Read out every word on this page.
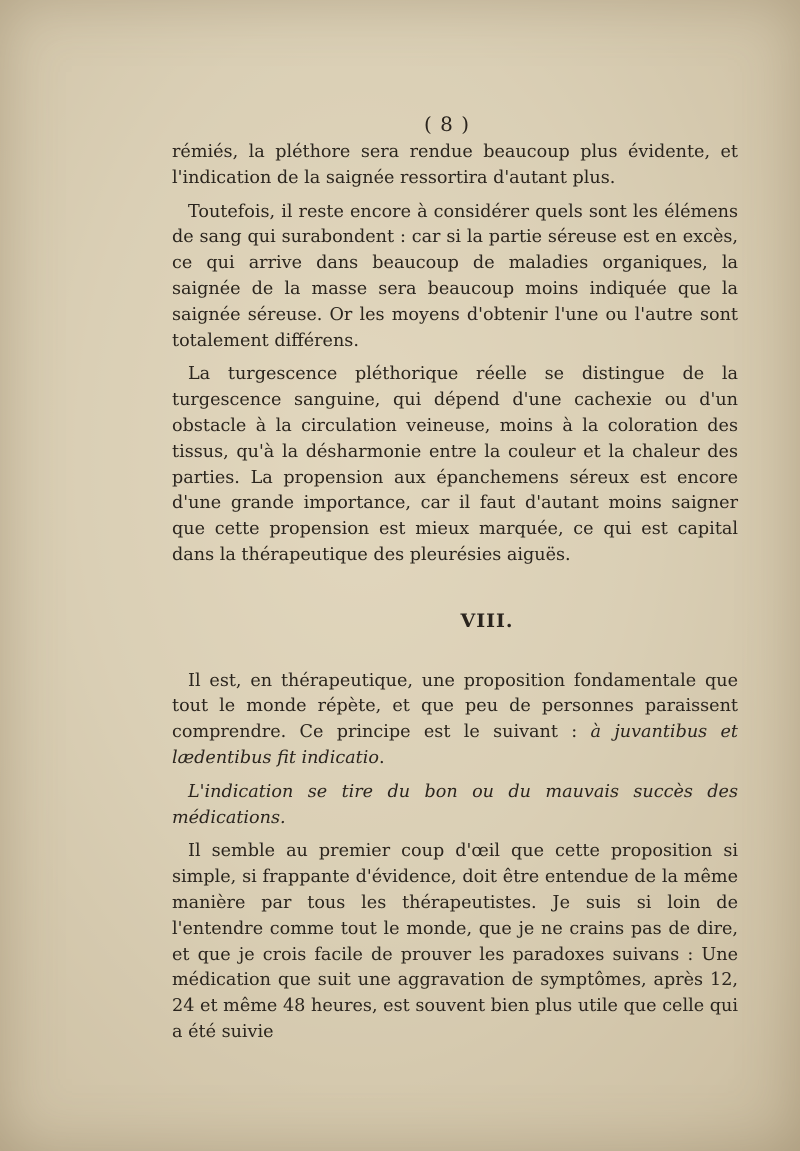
( 8 )

rémiés, la pléthore sera rendue beaucoup plus évidente, et l'indication de la saignée ressortira d'autant plus.

Toutefois, il reste encore à considérer quels sont les élémens de sang qui surabondent : car si la partie séreuse est en excès, ce qui arrive dans beaucoup de maladies organiques, la saignée de la masse sera beaucoup moins indiquée que la saignée séreuse. Or les moyens d'obtenir l'une ou l'autre sont totalement différens.

La turgescence pléthorique réelle se distingue de la turgescence sanguine, qui dépend d'une cachexie ou d'un obstacle à la circulation veineuse, moins à la coloration des tissus, qu'à la désharmonie entre la couleur et la chaleur des parties. La propension aux épanchemens séreux est encore d'une grande importance, car il faut d'autant moins saigner que cette propension est mieux marquée, ce qui est capital dans la thérapeutique des pleurésies aiguës.

VIII.

Il est, en thérapeutique, une proposition fondamentale que tout le monde répète, et que peu de personnes paraissent comprendre. Ce principe est le suivant : à juvantibus et lædentibus fit indicatio.

L'indication se tire du bon ou du mauvais succès des médications.

Il semble au premier coup d'œil que cette proposition si simple, si frappante d'évidence, doit être entendue de la même manière par tous les thérapeutistes. Je suis si loin de l'entendre comme tout le monde, que je ne crains pas de dire, et que je crois facile de prouver les paradoxes suivans : Une médication que suit une aggravation de symptômes, après 12, 24 et même 48 heures, est souvent bien plus utile que celle qui a été suivie
